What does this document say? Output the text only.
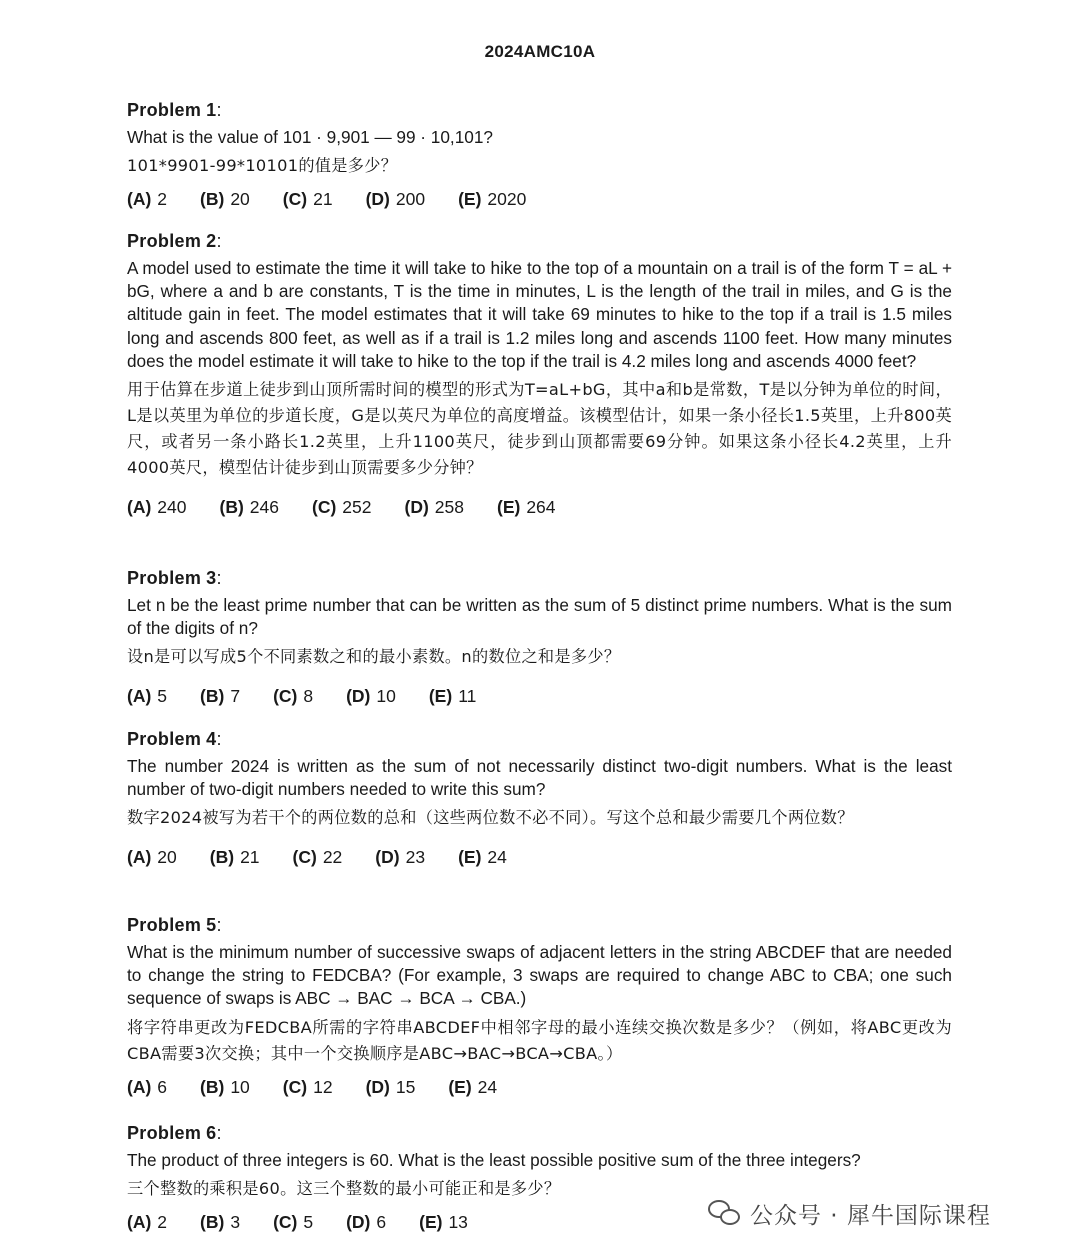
2024AMC10A
Problem 1:
What is the value of 101 · 9,901 — 99 · 10,101?
101*9901-99*10101的值是多少？
(A) 2 (B) 20 (C) 21 (D) 200 (E) 2020
Problem 2:
A model used to estimate the time it will take to hike to the top of a mountain on a trail is of the form T = aL + bG, where a and b are constants, T is the time in minutes, L is the length of the trail in miles, and G is the altitude gain in feet. The model estimates that it will take 69 minutes to hike to the top if a trail is 1.5 miles long and ascends 800 feet, as well as if a trail is 1.2 miles long and ascends 1100 feet. How many minutes does the model estimate it will take to hike to the top if the trail is 4.2 miles long and ascends 4000 feet?
用于估算在步道上徒步到山顶所需时间的模型的形式为T=aL+bG，其中a和b是常数，T是以分钟为单位的时间，L是以英里为单位的步道长度，G是以英尺为单位的高度增益。该模型估计，如果一条小径长1.5英里，上升800英尺，或者另一条小路长1.2英里，上升1100英尺，徒步到山顶都需要69分钟。如果这条小径长4.2英里，上升4000英尺，模型估计徒步到山顶需要多少分钟？
(A) 240 (B) 246 (C) 252 (D) 258 (E) 264
Problem 3:
Let n be the least prime number that can be written as the sum of 5 distinct prime numbers. What is the sum of the digits of n?
设n是可以写成5个不同素数之和的最小素数。n的数位之和是多少？
(A) 5 (B) 7 (C) 8 (D) 10 (E) 11
Problem 4:
The number 2024 is written as the sum of not necessarily distinct two-digit numbers. What is the least number of two-digit numbers needed to write this sum?
数字2024被写为若干个的两位数的总和（这些两位数不必不同）。写这个总和最少需要几个两位数？
(A) 20 (B) 21 (C) 22 (D) 23 (E) 24
Problem 5:
What is the minimum number of successive swaps of adjacent letters in the string ABCDEF that are needed to change the string to FEDCBA? (For example, 3 swaps are required to change ABC to CBA; one such sequence of swaps is ABC → BAC → BCA → CBA.)
将字符串更改为FEDCBA所需的字符串ABCDEF中相邻字母的最小连续交换次数是多少？（例如，将ABC更改为CBA需要3次交换；其中一个交换顺序是ABC→BAC→BCA→CBA。）
(A) 6 (B) 10 (C) 12 (D) 15 (E) 24
Problem 6:
The product of three integers is 60. What is the least possible positive sum of the three integers?
三个整数的乘积是60。这三个整数的最小可能正和是多少？
(A) 2 (B) 3 (C) 5 (D) 6 (E) 13	公众号 · 犀牛国际课程
